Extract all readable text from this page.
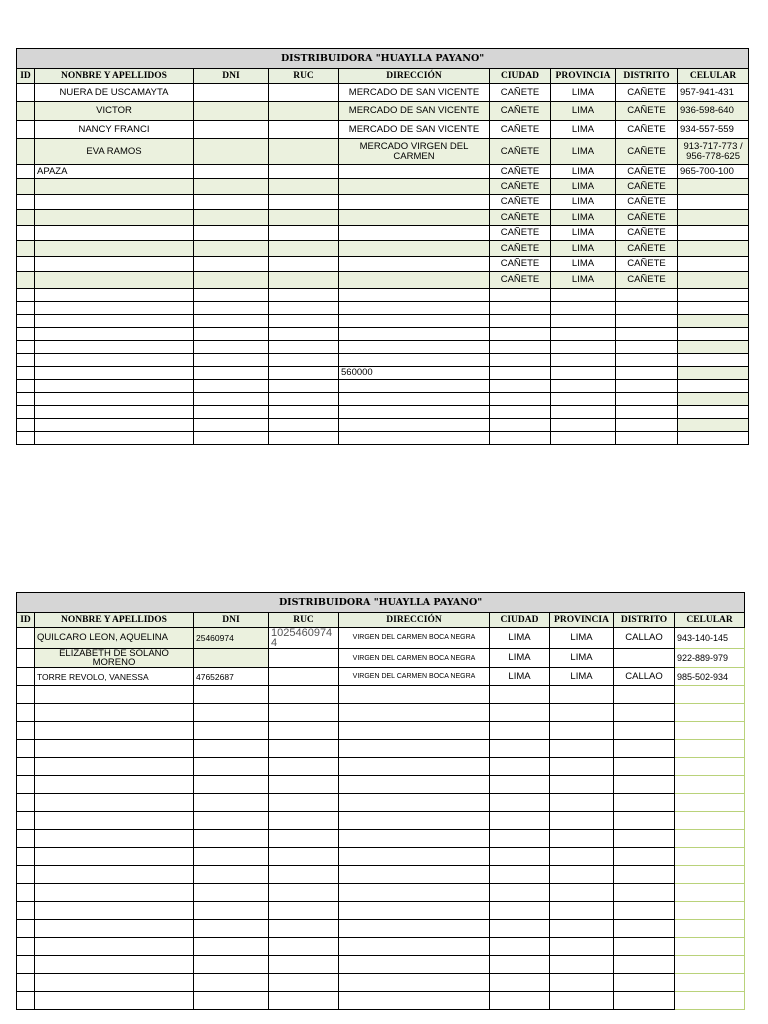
DISTRIBUIDORA "HUAYLLA PAYANO"								
ID	NONBRE Y APELLIDOS	DNI	RUC	DIRECCIÓN	CIUDAD	PROVINCIA	DISTRITO	CELULAR
	NUERA DE USCAMAYTA			MERCADO DE SAN VICENTE	CAÑETE	LIMA	CAÑETE	957-941-431
	VICTOR			MERCADO DE SAN VICENTE	CAÑETE	LIMA	CAÑETE	936-598-640
	NANCY FRANCI			MERCADO DE SAN VICENTE	CAÑETE	LIMA	CAÑETE	934-557-559
	EVA RAMOS			MERCADO VIRGEN DEL CARMEN	CAÑETE	LIMA	CAÑETE	913-717-773 / 956-778-625
	APAZA				CAÑETE	LIMA	CAÑETE	965-700-100
					CAÑETE	LIMA	CAÑETE	
					CAÑETE	LIMA	CAÑETE	
					CAÑETE	LIMA	CAÑETE	
					CAÑETE	LIMA	CAÑETE	
					CAÑETE	LIMA	CAÑETE	
					CAÑETE	LIMA	CAÑETE	
					CAÑETE	LIMA	CAÑETE	

				560000				

DISTRIBUIDORA "HUAYLLA PAYANO"								
ID	NONBRE Y APELLIDOS	DNI	RUC	DIRECCIÓN	CIUDAD	PROVINCIA	DISTRITO	CELULAR
	QUILCARO LEON, AQUELINA	25460974	10254609744	VIRGEN DEL CARMEN BOCA NEGRA	LIMA	LIMA	CALLAO	943-140-145
	ELIZABETH DE SOLANO MORENO			VIRGEN DEL CARMEN BOCA NEGRA	LIMA	LIMA		922-889-979
	TORRE REVOLO, VANESSA	47652687		VIRGEN DEL CARMEN BOCA NEGRA	LIMA	LIMA	CALLAO	985-502-934
